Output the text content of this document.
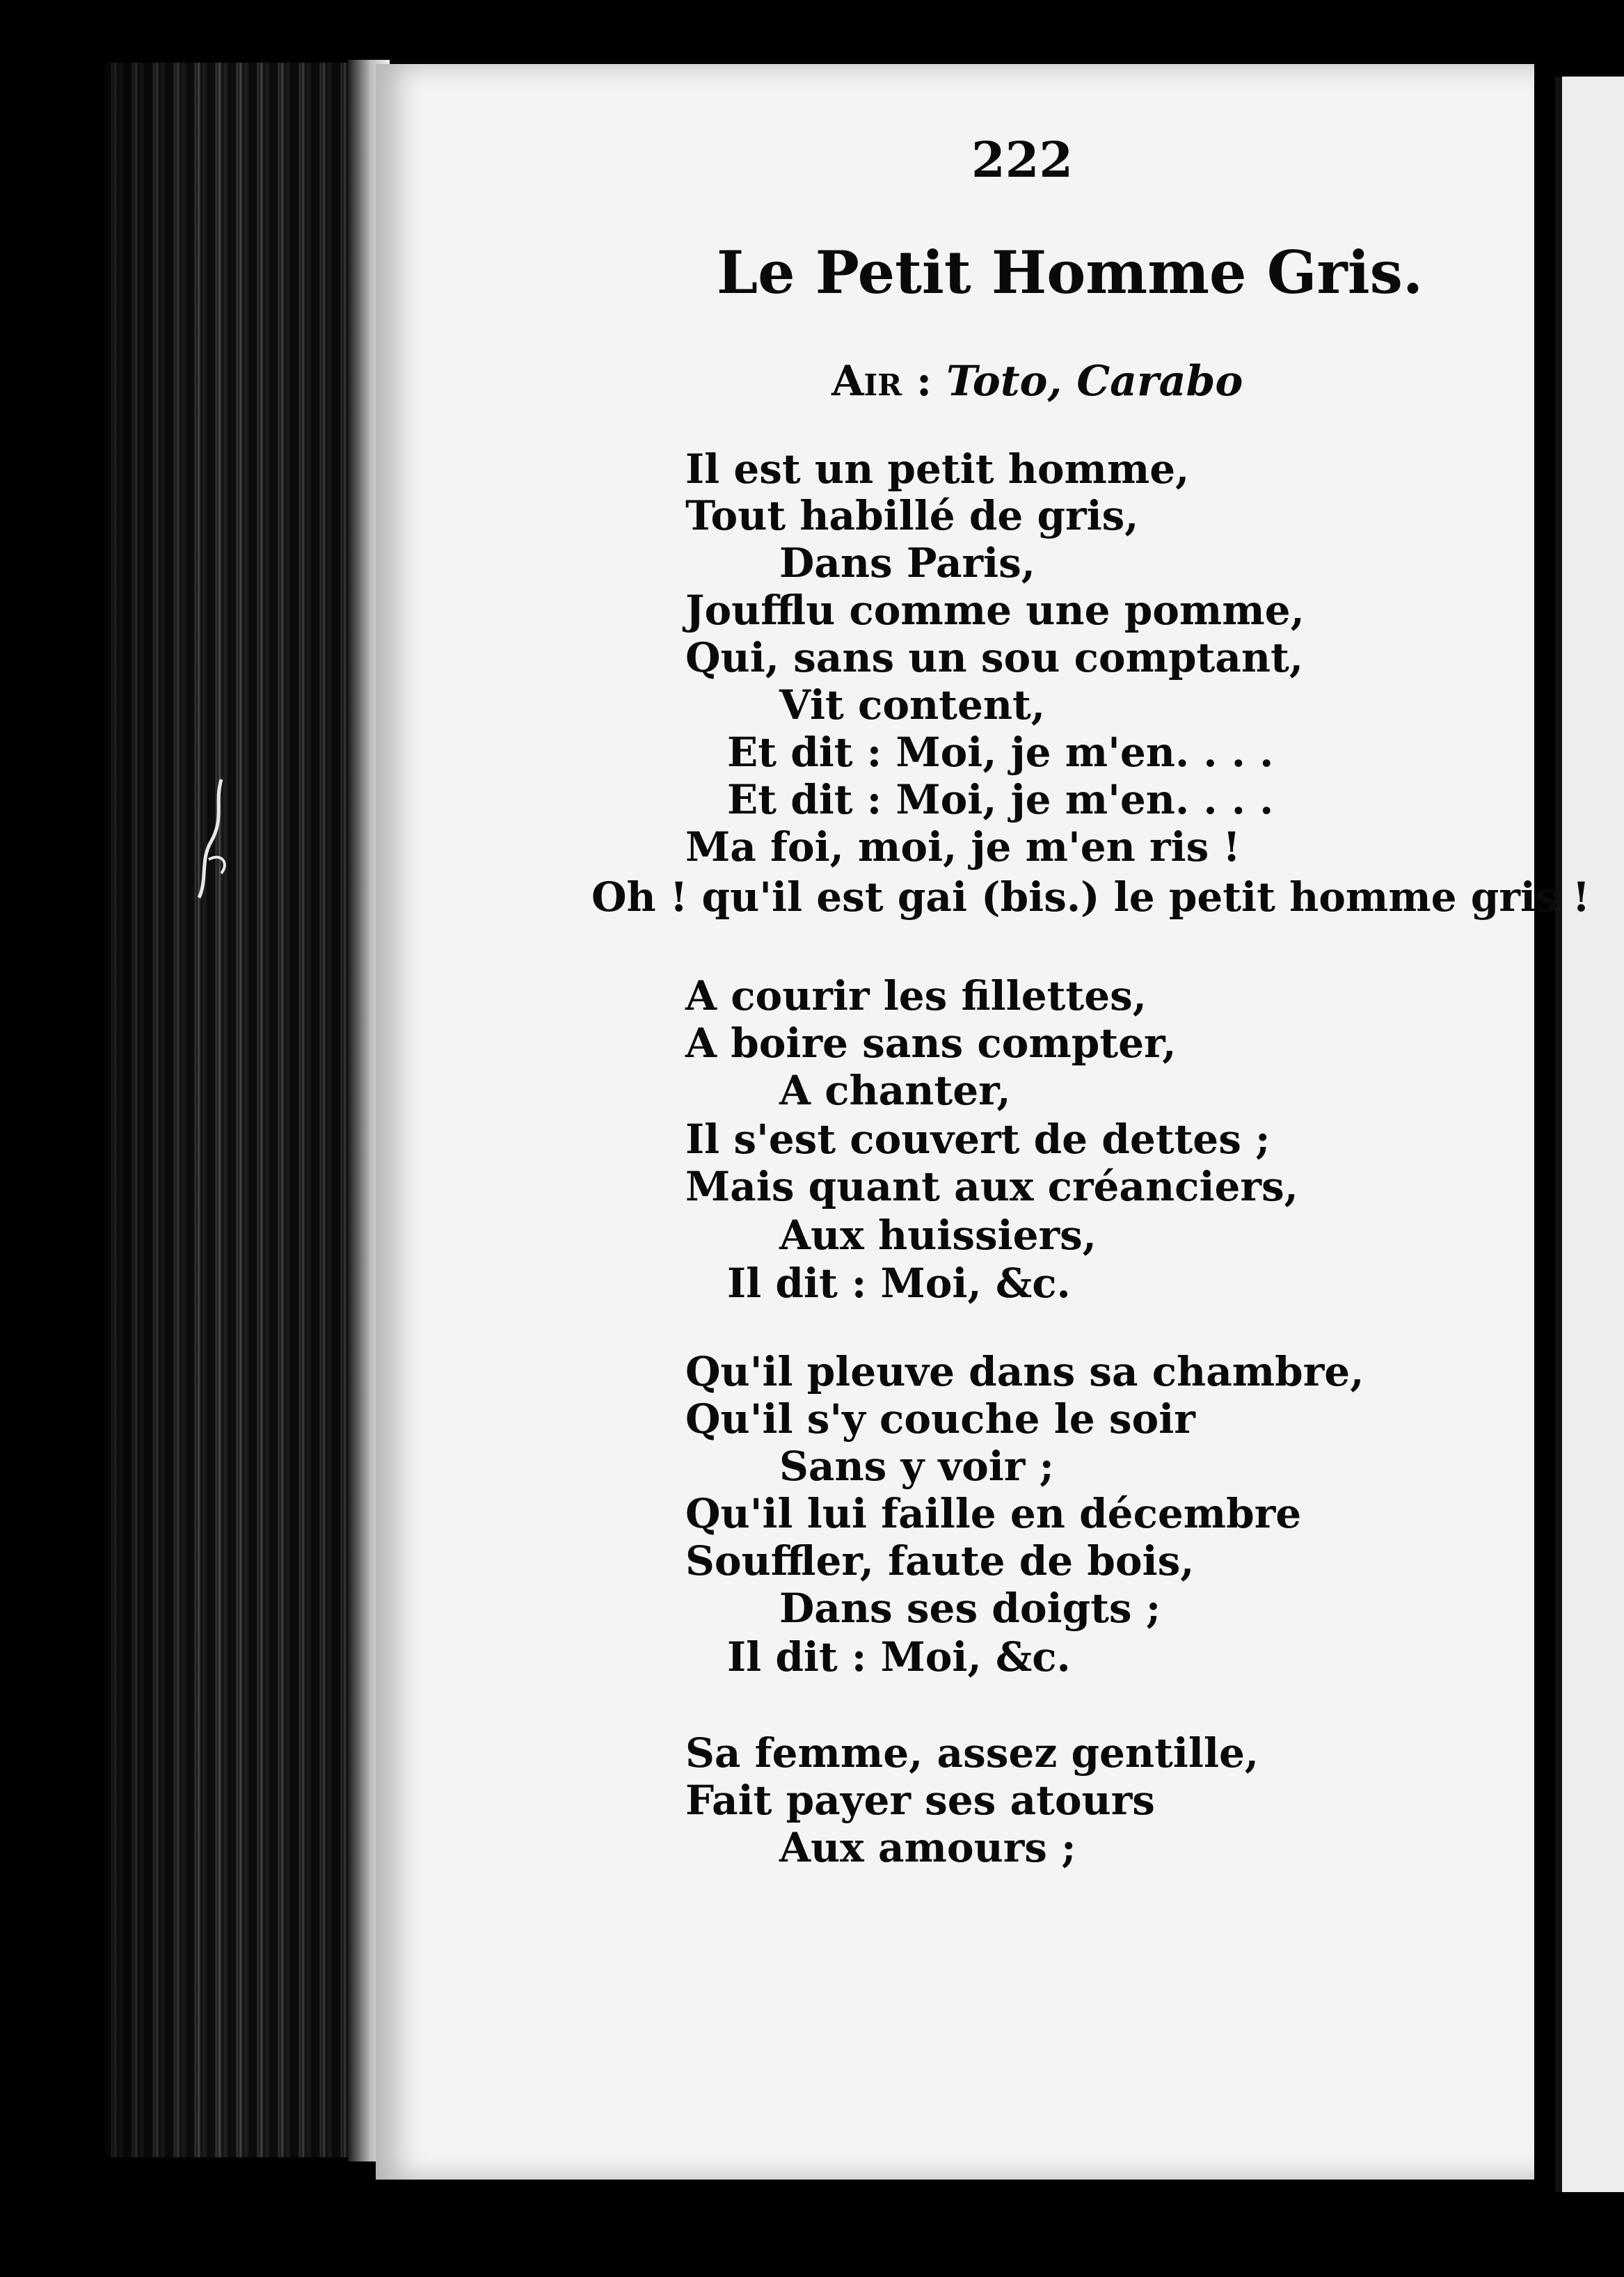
222
Le Petit Homme Gris.
Air : Toto, Carabo
Il est un petit homme,
Tout habillé de gris,
Dans Paris,
Joufflu comme une pomme,
Qui, sans un sou comptant,
Vit content,
Et dit : Moi, je m'en. . . .
Et dit : Moi, je m'en. . . .
Ma foi, moi, je m'en ris !
Oh ! qu'il est gai (bis.) le petit homme gris !
A courir les fillettes,
A boire sans compter,
A chanter,
Il s'est couvert de dettes ;
Mais quant aux créanciers,
Aux huissiers,
Il dit : Moi, &c.
Qu'il pleuve dans sa chambre,
Qu'il s'y couche le soir
Sans y voir ;
Qu'il lui faille en décembre
Souffler, faute de bois,
Dans ses doigts ;
Il dit : Moi, &c.
Sa femme, assez gentille,
Fait payer ses atours
Aux amours ;
